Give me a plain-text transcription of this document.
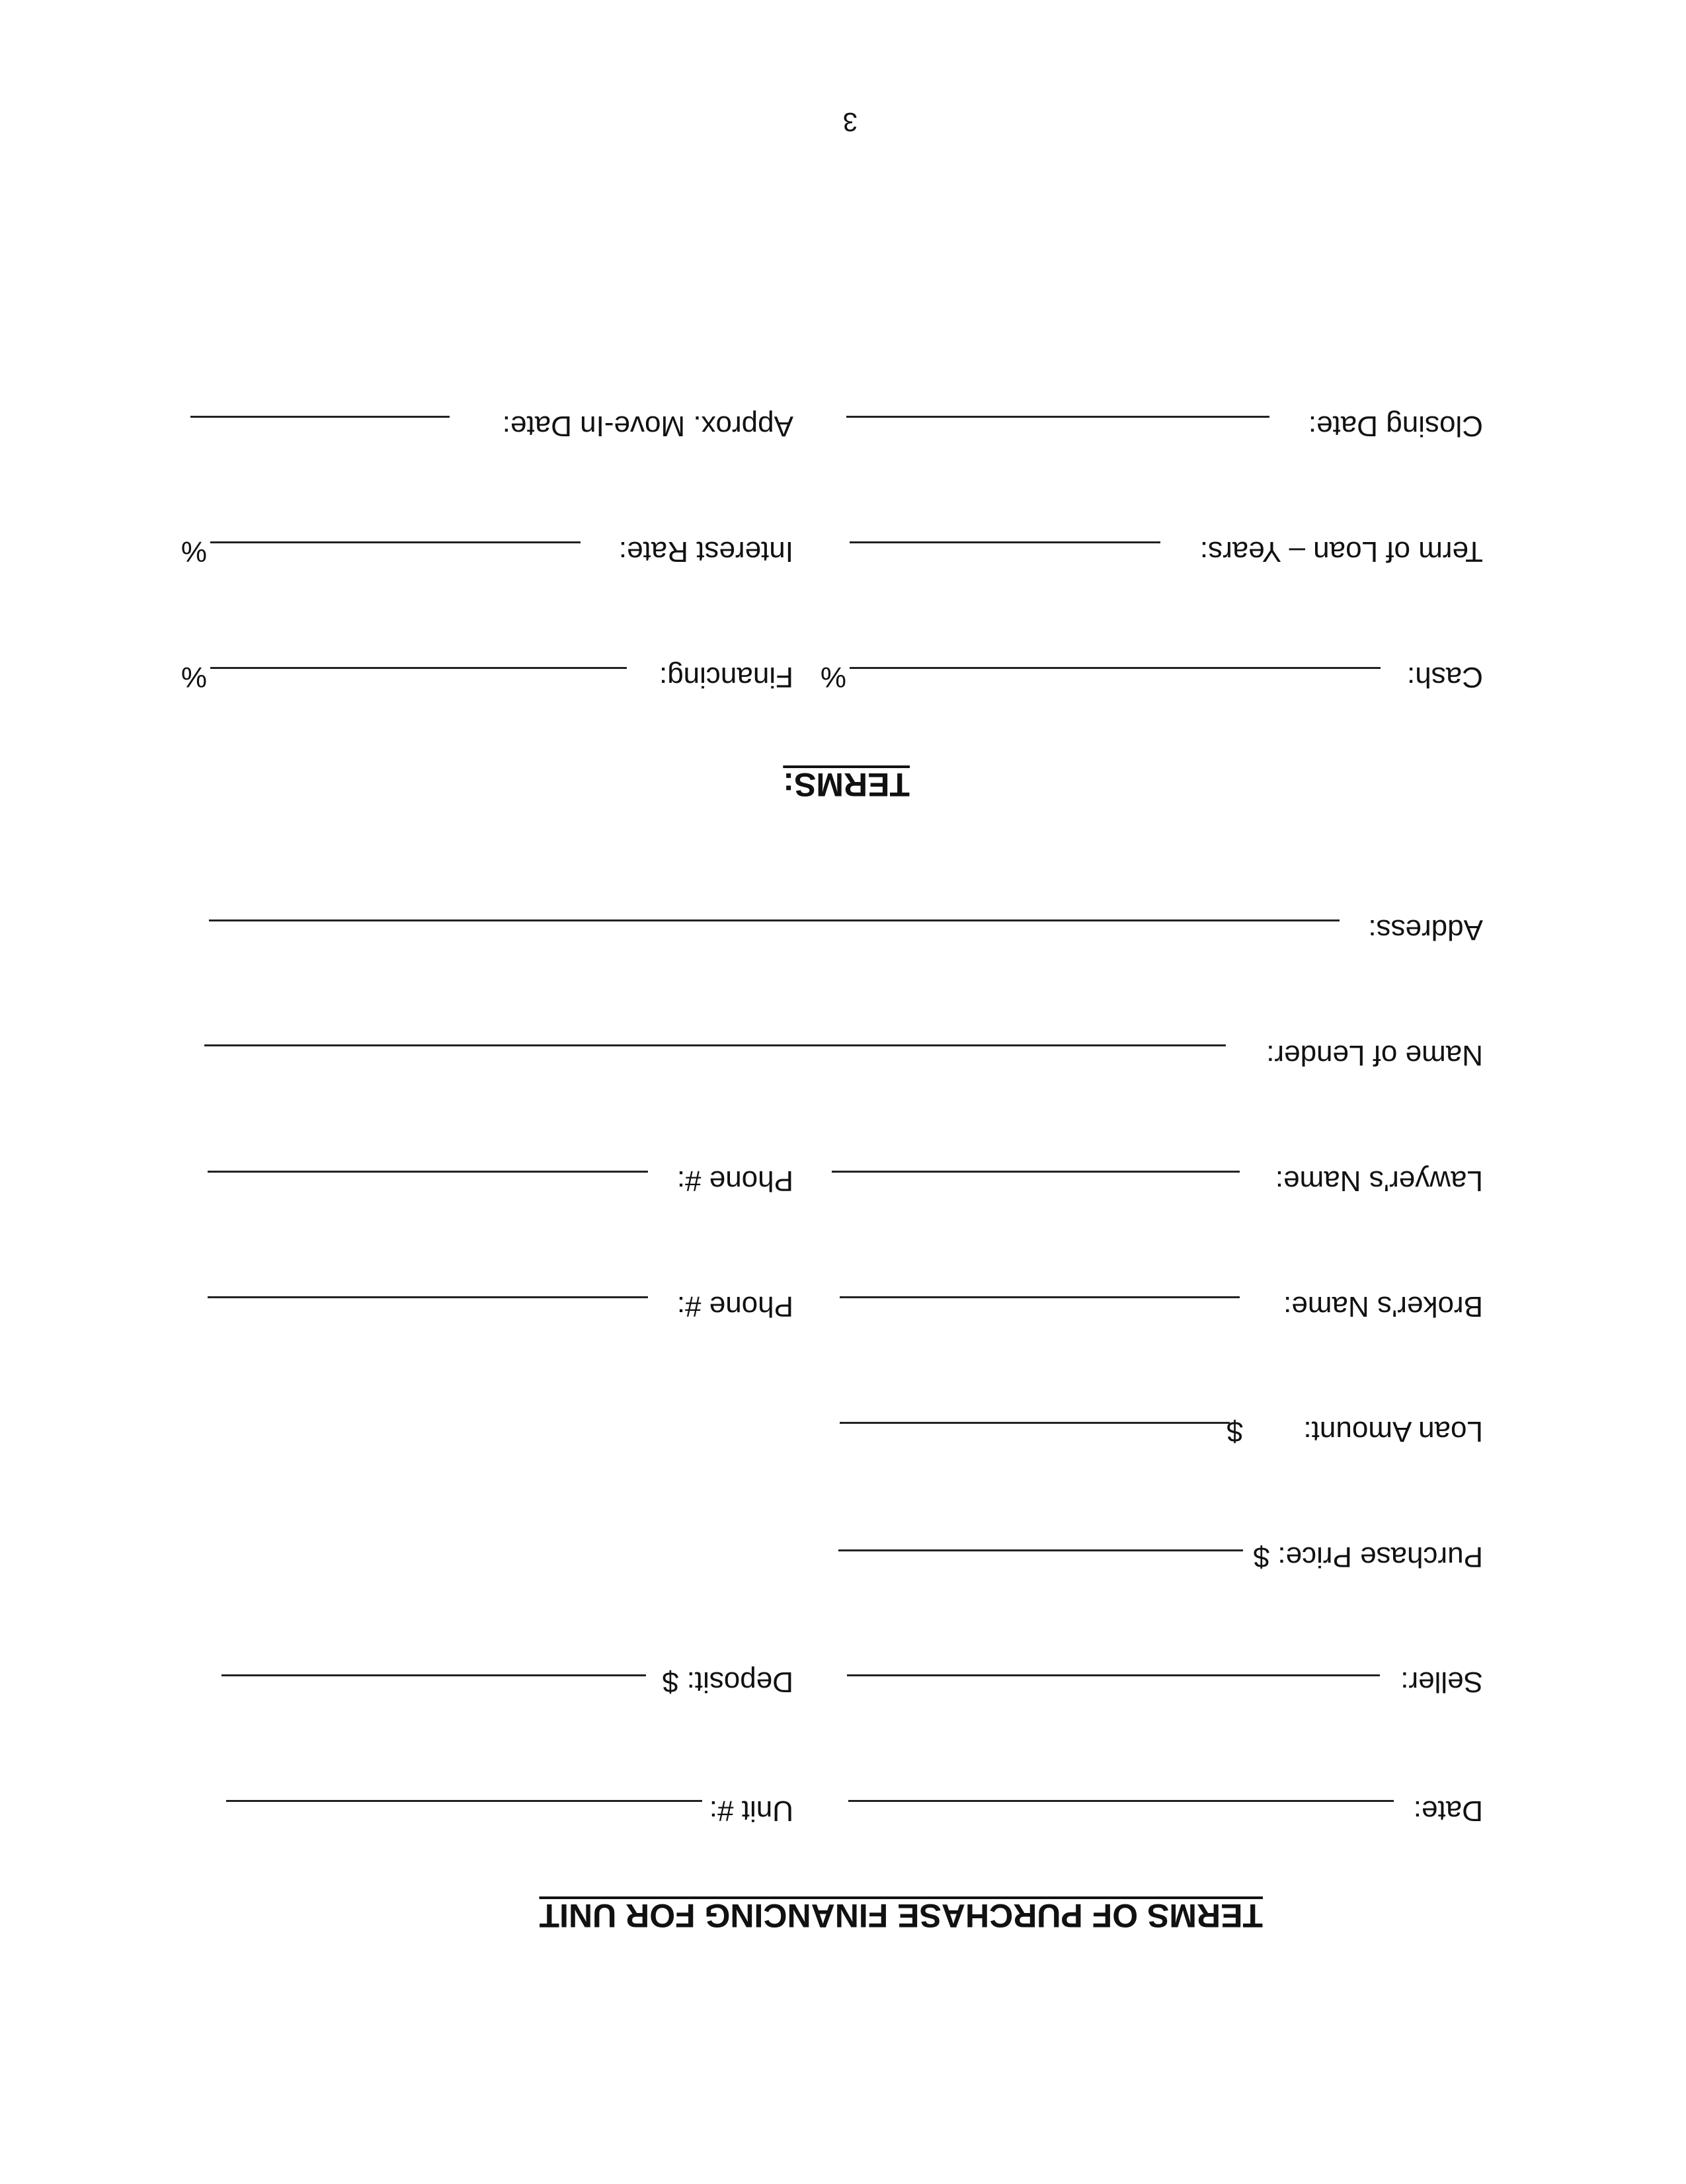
TERMS OF PURCHASE FINANCING FOR UNIT
Date:
Unit #:
Seller:
Deposit: $
Purchase Price: $
Loan Amount:
$
Broker's Name:
Phone #:
Lawyer's Name:
Phone #:
Name of Lender:
Address:
TERMS:
Cash:
%
Financing:
%
Term of Loan – Years:
Interest Rate:
%
Closing Date:
Approx. Move-In Date:
3
